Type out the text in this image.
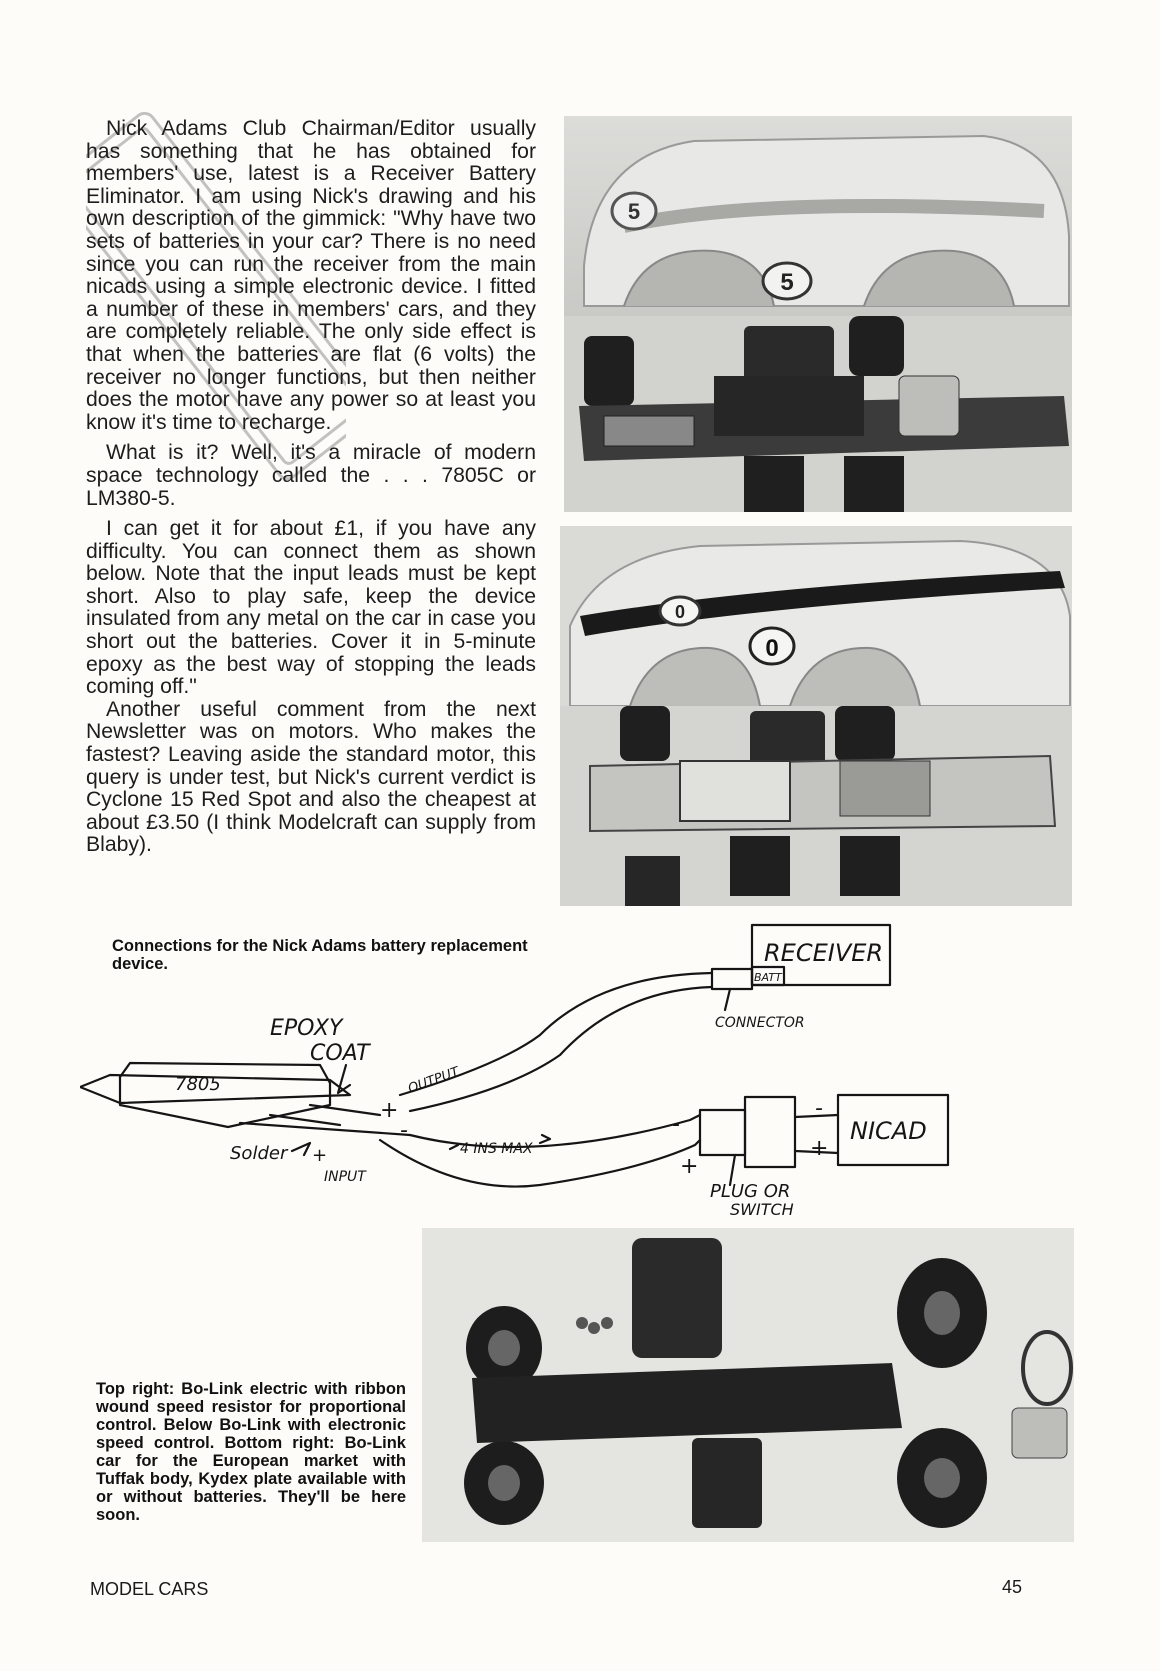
Nick Adams Club Chairman/Editor usually has something that he has obtained for members' use, latest is a Receiver Battery Eliminator. I am using Nick's drawing and his own description of the gimmick: "Why have two sets of batteries in your car? There is no need since you can run the receiver from the main nicads using a simple electronic device. I fitted a number of these in members' cars, and they are completely reliable. The only side effect is that when the batteries are flat (6 volts) the receiver no longer functions, but then neither does the motor have any power so at least you know it's time to recharge.

What is it? Well, it's a miracle of modern space technology called the . . . 7805C or LM380-5.

I can get it for about £1, if you have any difficulty. You can connect them as shown below. Note that the input leads must be kept short. Also to play safe, keep the device insulated from any metal on the car in case you short out the batteries. Cover it in 5-minute epoxy as the best way of stopping the leads coming off."

Another useful comment from the next Newsletter was on motors. Who makes the fastest? Leaving aside the standard motor, this query is under test, but Nick's current verdict is Cyclone 15 Red Spot and also the cheapest at about £3.50 (I think Modelcraft can supply from Blaby).

5
5
0
0
Connections for the Nick Adams battery replacement device.	RECEIVER
BATT
CONNECTOR
7805
EPOXY
COAT
+
OUTPUT
-
4 INS MAX
Solder +
INPUT
-
+
-
+
PLUG OR
SWITCH
NICAD
Top right: Bo-Link electric with ribbon wound speed resistor for proportional control. Below Bo-Link with electronic speed control. Bottom right: Bo-Link car for the European market with Tuffak body, Kydex plate available with or without batteries. They'll be here soon.
MODEL CARS	45
